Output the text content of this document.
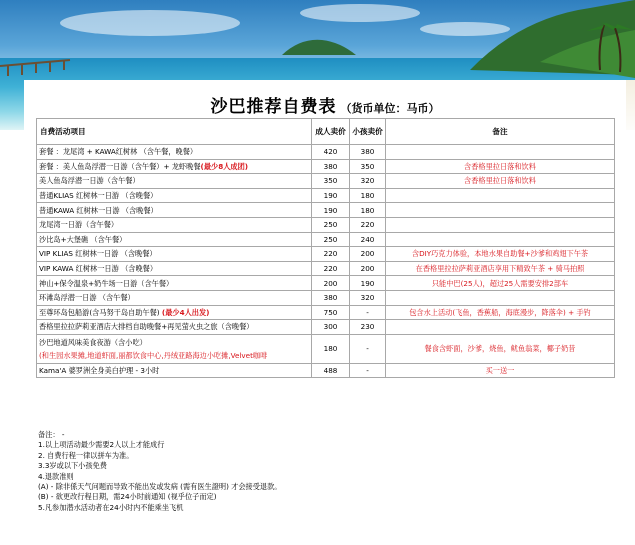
沙巴推荐自费表 （货币单位：马币）
自费活动项目	成人卖价	小孩卖价	备注
套餐 ：龙尾湾 + KAWA红树林 （含午餐，晚餐）	420	380	
套餐 ：美人鱼岛浮潜一日游（含午餐）+ 龙虾晚餐(最少8人成团)	380	350	含香格里拉日落和饮料
美人鱼岛浮潜一日游（含午餐）	350	320	含香格里拉日落和饮料
普通KLIAS 红树林一日游 （含晚餐）	190	180	
普通KAWA 红树林一日游 （含晚餐）	190	180	
龙尾湾一日游（含午餐）	250	220	
沙比岛+大堡礁 （含午餐）	250	240	
VIP KLIAS 红树林一日游 （含晚餐）	220	200	含DIY巧克力体验，本地水果自助餐+沙爹和鸡翅下午茶
VIP KAWA 红树林一日游 （含晚餐）	220	200	在香格里拉拉萨莉亚酒店享用下精致午茶 + 骑马拍照
神山+保令温泉+奶牛场一日游（含午餐）	200	190	只能中巴(25人)，超过25人需要安排2部车
环滩岛浮潜一日游 （含午餐）	380	320	
至尊环岛包船游(含马努干岛自助午餐) (最少4人出发)	750	-	包含水上活动(飞鱼，香蕉船，海底漫步，降落伞) + 手钓
香格里拉拉萨莉亚酒店大排档自助晚餐+再见萤火虫之旅（含晚餐）	300	230	

沙巴地道风味美食夜游（含小吃）
(和生园水果摊,地道虾面,丽都饮食中心,丹绒亚路海边小吃摊,Velvet咖啡	180	-	餐食含虾面，沙爹，烧鱼，鱿鱼翁菜，椰子奶昔
Kama'A 婆罗洲全身美白护理 - 3小时	488	-	买一送一
备注： -
1.以上项活动最少需要2人以上才能成行
2. 自费行程一律以拼车为准。
3.3岁或以下小孩免费
4.退款准则
(A) - 除非係天气问题而导致不能出发或发病 (需有医生證明) 才会接受退款。
(B) - 欲更改行程日期，需24小时前通知 (视乎位子而定)
5.凡参加潜水活动者在24小时内不能乘坐飞机
